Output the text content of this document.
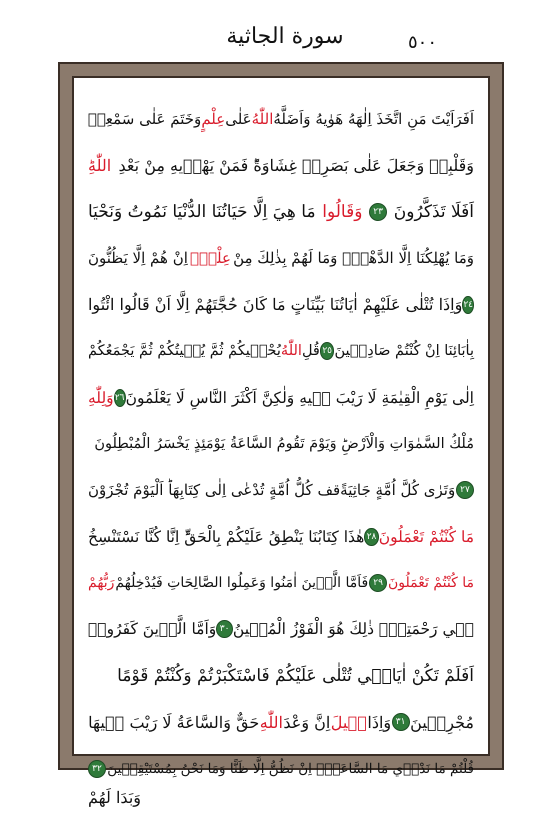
٥٠٠
سورة الجاثية
اَفَرَاَيْتَ مَنِ اتَّخَذَ اِلٰهَهُ هَوٰيهُ وَاَضَلَّهُ
اللّٰهُ
عَلٰى
عِلْمٍ
وَخَتَمَ عَلٰى سَمْعِهٖ
وَقَلْبِهٖ وَجَعَلَ عَلٰى بَصَرِهٖ غِشَاوَةًؕ فَمَنْ يَهْدٖيهِ مِنْ بَعْدِ
اللّٰهِؕ
اَفَلَا تَذَكَّرُونَ
٢٣
وَقَالُوا
مَا هِيَ اِلَّا حَيَاتُنَا الدُّنْيَا نَمُوتُ وَنَحْيَا
وَمَا يُهْلِكُنَا اِلَّا الدَّهْرُۚ وَمَا لَهُمْ بِذٰلِكَ مِنْ
عِلْمٍۚ
اِنْ هُمْ اِلَّا يَظُنُّونَ
٢٤
وَاِذَا تُتْلٰى عَلَيْهِمْ اٰيَاتُنَا بَيِّنَاتٍ مَا كَانَ حُجَّتَهُمْ اِلَّا اَنْ قَالُوا ائْتُوا
بِاٰبَائِنَا اِنْ كُنْتُمْ صَادِقٖينَ
٢٥
قُلِ
اللّٰهُ
يُحْيٖيكُمْ ثُمَّ يُمٖيتُكُمْ ثُمَّ يَجْمَعُكُمْ
اِلٰى يَوْمِ الْقِيٰمَةِ لَا رَيْبَ فٖيهِ وَلٰكِنَّ اَكْثَرَ النَّاسِ لَا يَعْلَمُونَ
٢٦
وَلِلّٰهِ
مُلْكُ السَّمٰوَاتِ وَالْاَرْضِؕ وَيَوْمَ تَقُومُ السَّاعَةُ يَوْمَئِذٍ يَخْسَرُ الْمُبْطِلُونَ
٢٧
وَتَرٰى كُلَّ اُمَّةٍ جَاثِيَةًقف كُلُّ اُمَّةٍ تُدْعٰى اِلٰى كِتَابِهَاؕ اَلْيَوْمَ تُجْزَوْنَ
مَا كُنْتُمْ تَعْمَلُونَ
٢٨
هٰذَا كِتَابُنَا يَنْطِقُ عَلَيْكُمْ بِالْحَقِّؕ اِنَّا كُنَّا نَسْتَنْسِخُ
مَا كُنْتُمْ تَعْمَلُونَ
٢٩
فَاَمَّا الَّذٖينَ اٰمَنُوا وَعَمِلُوا الصَّالِحَاتِ فَيُدْخِلُهُمْ
رَبُّهُمْ
فٖي رَحْمَتِهٖؕ ذٰلِكَ هُوَ الْفَوْزُ الْمُبٖينُ
٣٠
وَاَمَّا الَّذٖينَ كَفَرُواࣞ
اَفَلَمْ تَكُنْ اٰيَاتٖي تُتْلٰى عَلَيْكُمْ فَاسْتَكْبَرْتُمْ وَكُنْتُمْ قَوْمًا
مُجْرِمٖينَ
٣١
وَاِذَا
قٖيلَ
اِنَّ وَعْدَ
اللّٰهِ
حَقٌّ وَالسَّاعَةُ لَا رَيْبَ فٖيهَا
قُلْتُمْ مَا نَدْرٖي مَا السَّاعَةُۙ اِنْ نَظُنُّ اِلَّا ظَنًّا وَمَا نَحْنُ بِمُسْتَيْقِنٖينَ
٣٢
وَبَدَا لَهُمْ
